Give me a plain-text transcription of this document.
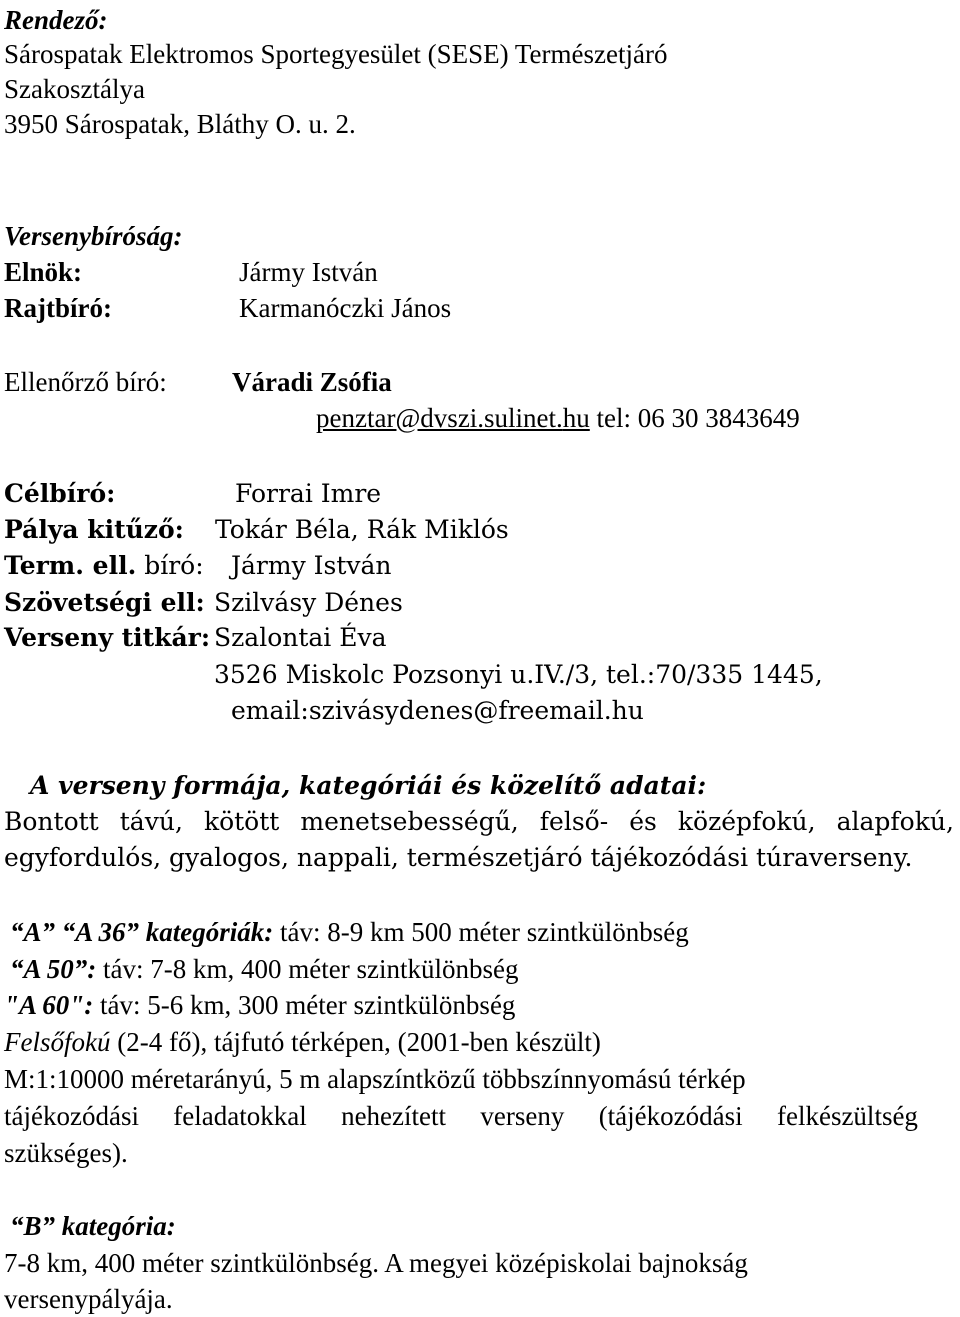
Rendező:
Sárospatak Elektromos Sportegyesület (SESE) Természetjáró
Szakosztálya
3950 Sárospatak, Bláthy O. u. 2.
Versenybíróság:
Elnök:	Jármy István
Rajtbíró:	Karmanóczki János
Ellenőrző bíró: Váradi Zsófia
penztar@dvszi.sulinet.hu tel: 06 30 3843649
Célbíró:	Forrai Imre
Pálya kitűző: Tokár Béla, Rák Miklós
Term. ell. bíró: Jármy István
Szövetségi ell: Szilvásy Dénes
Verseny titkár: Szalontai Éva
3526 Miskolc Pozsonyi u.IV./3, tel.:70/335 1445,
email:szivásydenes@freemail.hu
A verseny formája, kategóriái és közelítő adatai:
Bontott távú, kötött menetsebességű, felső- és középfokú, alapfokú,
egyfordulós, gyalogos, nappali, természetjáró tájékozódási túraverseny.
“A” “A 36” kategóriák: táv: 8-9 km 500 méter szintkülönbség
“A 50”: táv: 7-8 km, 400 méter szintkülönbség
"A 60": táv: 5-6 km, 300 méter szintkülönbség
Felsőfokú (2-4 fő), tájfutó térképen, (2001-ben készült)
M:1:10000 méretarányú, 5 m alapszíntközű többszínnyomású térkép
tájékozódási feladatokkal nehezített verseny (tájékozódási felkészültség
szükséges).
“B” kategória:
7-8 km, 400 méter szintkülönbség. A megyei középiskolai bajnokság
versenypályája.
